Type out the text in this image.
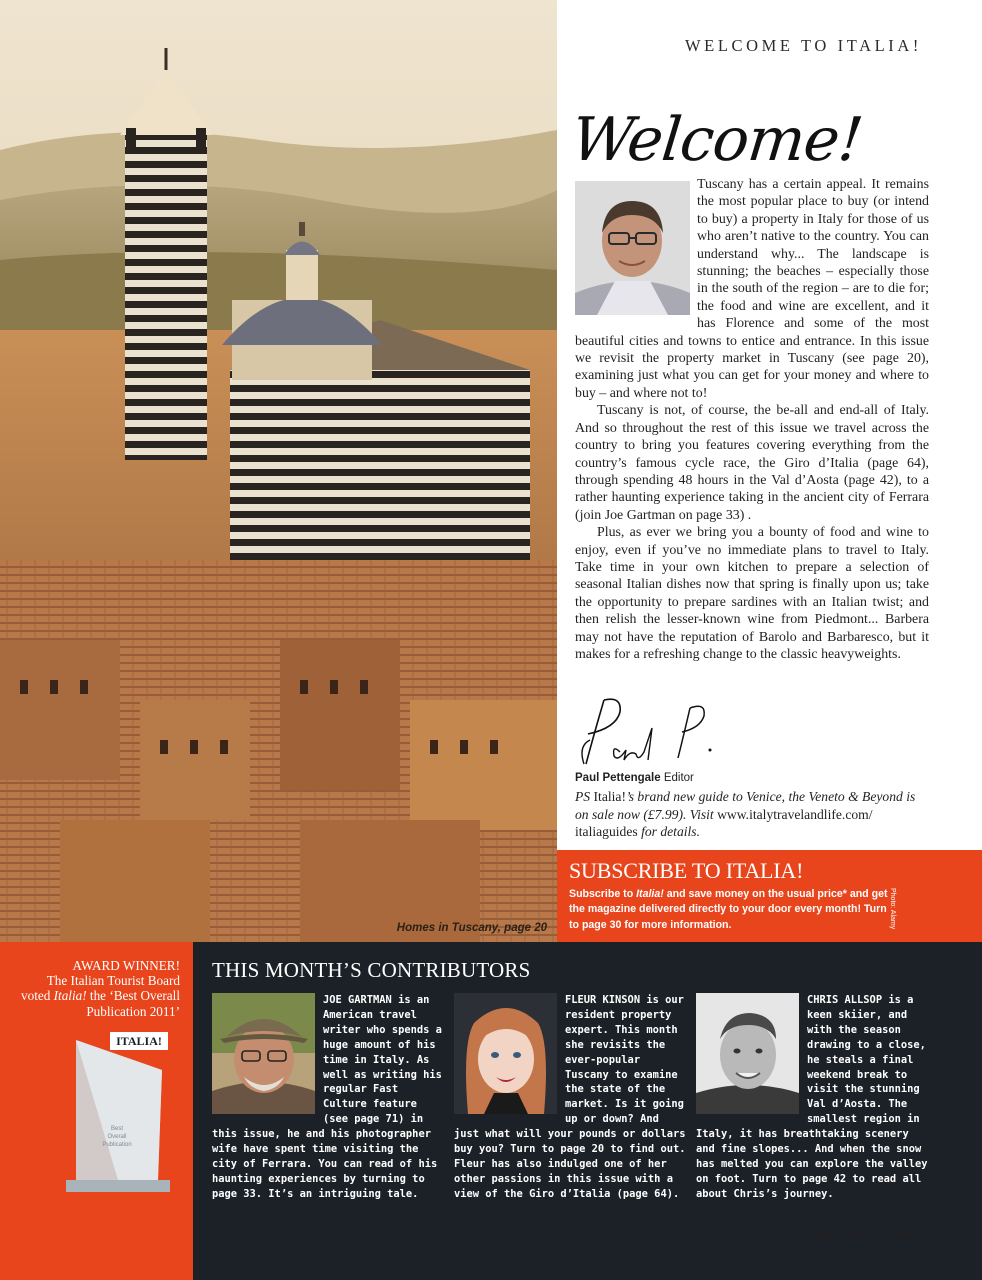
Homes in Tuscany, page 20
WELCOME TO ITALIA!
Welcome!

Tuscany has a certain appeal. It remains the most popular place to buy (or intend to buy) a property in Italy for those of us who aren’t native to the country. You can understand why... The landscape is stunning; the beaches – especially those in the south of the region – are to die for; the food and wine are excellent, and it has Florence and some of the most beautiful cities and towns to entice and entrance. In this issue we revisit the property market in Tuscany (see page 20), examining just what you can get for your money and where to buy – and where not to!

Tuscany is not, of course, the be-all and end-all of Italy. And so throughout the rest of this issue we travel across the country to bring you features covering everything from the country’s famous cycle race, the Giro d’Italia (page 64), through spending 48 hours in the Val d’Aosta (page 42), to a rather haunting experience taking in the ancient city of Ferrara (join Joe Gartman on page 33) .

Plus, as ever we bring you a bounty of food and wine to enjoy, even if you’ve no immediate plans to travel to Italy. Take time in your own kitchen to prepare a selection of seasonal Italian dishes now that spring is finally upon us; take the opportunity to prepare sardines with an Italian twist; and then relish the lesser-known wine from Piedmont... Barbera may not have the reputation of Barolo and Barbaresco, but it makes for a refreshing change to the classic heavyweights.

Paul Pettengale Editor
PS Italia!’s brand new guide to Venice, the Veneto & Beyond is on sale now (£7.99). Visit www.italytravelandlife.com/ italiaguides for details.
SUBSCRIBE TO ITALIA!

Subscribe to Italia! and save money on the usual price* and get the magazine delivered directly to your door every month! Turn to page 30 for more information.	Photo: Alamy
AWARD WINNER!
The Italian Tourist Board voted Italia! the ‘Best Overall Publication 2011’
ITALIA!
Best
Overall
Publication
THIS MONTH’S CONTRIBUTORS
JOE GARTMAN is an American travel writer who spends a huge amount of his time in Italy. As well as writing his regular Fast Culture feature (see page 71) in this issue, he and his photographer wife have spent time visiting the city of Ferrara. You can read of his haunting experiences by turning to page 33. It’s an intriguing tale.
FLEUR KINSON is our resident property expert. This month she revisits the ever-popular Tuscany to examine the state of the market. Is it going up or down? And just what will your pounds or dollars buy you? Turn to page 20 to find out. Fleur has also indulged one of her other passions in this issue with a view of the Giro d’Italia (page 64).
CHRIS ALLSOP is a keen skiier, and with the season drawing to a close, he steals a final weekend break to visit the stunning Val d’Aosta. The smallest region in Italy, it has breathtaking scenery and fine slopes... And when the snow has melted you can explore the valley on foot. Turn to page 42 to read all about Chris’s journey.
May 2015 ITALIA! 3
